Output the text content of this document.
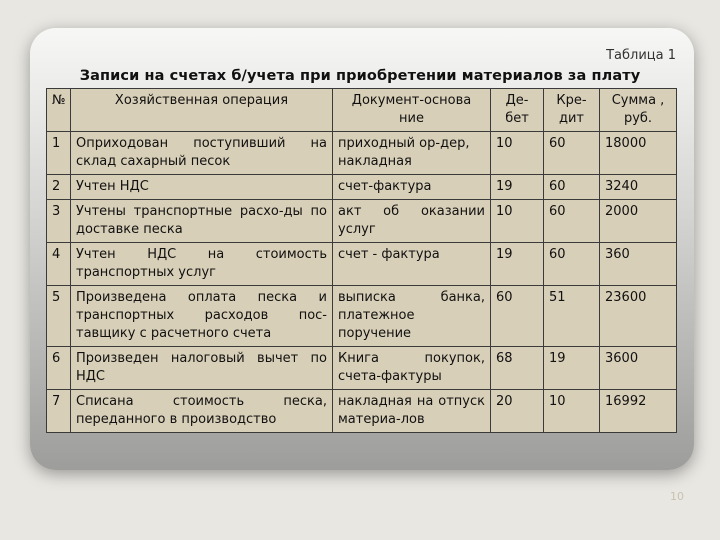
Таблица 1
Записи на счетах б/учета при приобретении материалов за плату
№	Хозяйственная операция	Документ-основа ние	Де- бет	Кре- дит	Сумма , руб.
1	Оприходован поступивший на склад сахарный песок	приходный ор-дер, накладная	10	60	18000
2	Учтен НДС	счет-фактура	19	60	3240
3	Учтены транспортные расхо-ды по доставке песка	акт об оказании услуг	10	60	2000
4	Учтен НДС на стоимость транспортных услуг	счет - фактура	19	60	360
5	Произведена оплата песка и транспортных расходов пос-тавщику с расчетного счета	выписка банка, платежное поручение	60	51	23600
6	Произведен налоговый вычет по НДС	Книга покупок, счета-фактуры	68	19	3600
7	Списана стоимость песка, переданного в производство	накладная на отпуск материа-лов	20	10	16992
10
